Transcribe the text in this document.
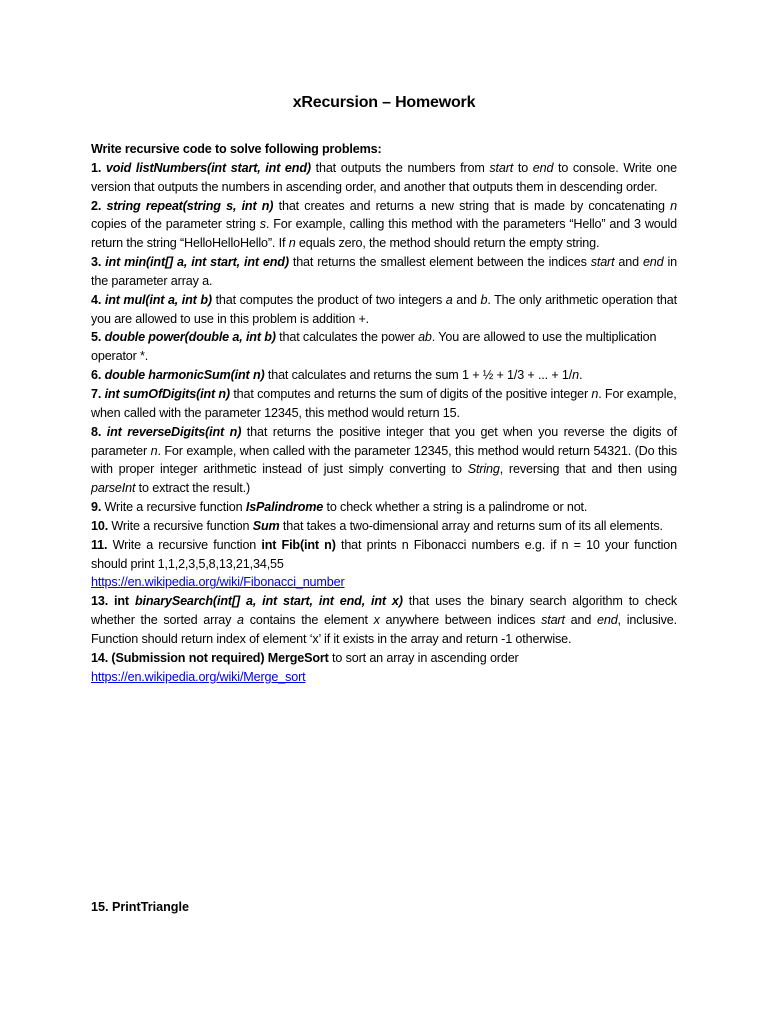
xRecursion – Homework

Write recursive code to solve following problems:

1. void listNumbers(int start, int end) that outputs the numbers from start to end to console. Write one version that outputs the numbers in ascending order, and another that outputs them in descending order.

2. string repeat(string s, int n) that creates and returns a new string that is made by concatenating n copies of the parameter string s. For example, calling this method with the parameters “Hello” and 3 would return the string “HelloHelloHello”. If n equals zero, the method should return the empty string.

3. int min(int[] a, int start, int end) that returns the smallest element between the indices start and end in the parameter array a.

4. int mul(int a, int b) that computes the product of two integers a and b. The only arithmetic operation that you are allowed to use in this problem is addition +.

5. double power(double a, int b) that calculates the power ab. You are allowed to use the multiplication operator *.

6. double harmonicSum(int n) that calculates and returns the sum 1 + ½ + 1/3 + ... + 1/n.

7. int sumOfDigits(int n) that computes and returns the sum of digits of the positive integer n. For example, when called with the parameter 12345, this method would return 15.

8. int reverseDigits(int n) that returns the positive integer that you get when you reverse the digits of parameter n. For example, when called with the parameter 12345, this method would return 54321. (Do this with proper integer arithmetic instead of just simply converting to String, reversing that and then using parseInt to extract the result.)

9. Write a recursive function IsPalindrome to check whether a string is a palindrome or not.

10. Write a recursive function Sum that takes a two-dimensional array and returns sum of its all elements.

11. Write a recursive function int Fib(int n) that prints n Fibonacci numbers e.g. if n = 10 your function should print 1,1,2,3,5,8,13,21,34,55

https://en.wikipedia.org/wiki/Fibonacci_number

13. int binarySearch(int[] a, int start, int end, int x) that uses the binary search algorithm to check whether the sorted array a contains the element x anywhere between indices start and end, inclusive. Function should return index of element ‘x’ if it exists in the array and return -1 otherwise.

14. (Submission not required) MergeSort to sort an array in ascending order

https://en.wikipedia.org/wiki/Merge_sort

15. PrintTriangle
